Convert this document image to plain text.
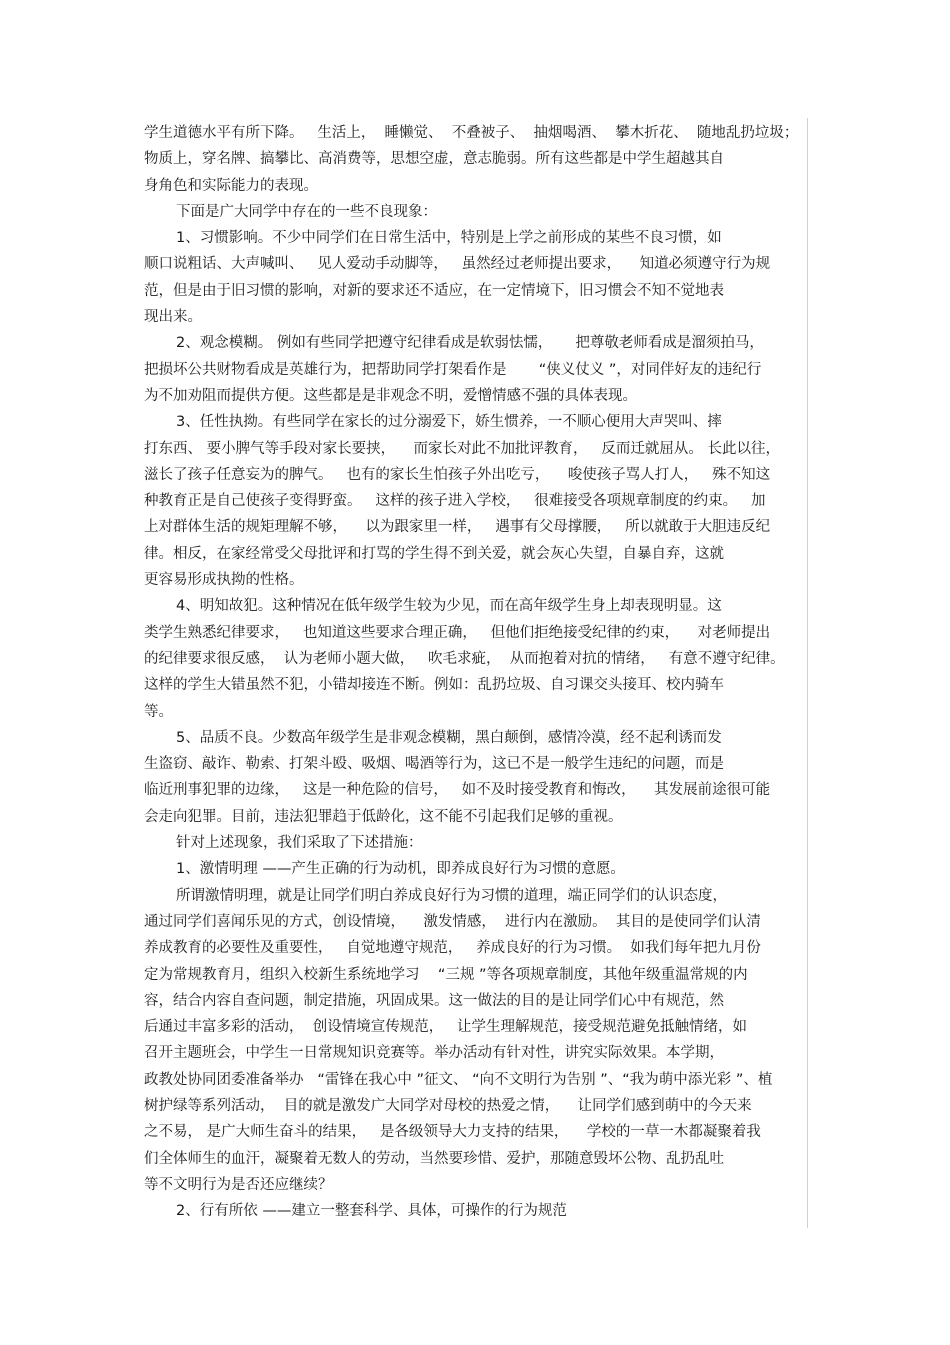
学生道德水平有所下降。   生活上，  睡懒觉、  不叠被子、  抽烟喝酒、  攀木折花、  随地乱扔垃圾；
物质上，穿名牌、搞攀比、高消费等，思想空虚，意志脆弱。所有这些都是中学生超越其自
身角色和实际能力的表现。
下面是广大同学中存在的一些不良现象：
1、习惯影响。不少中同学们在日常生活中，特别是上学之前形成的某些不良习惯，如
顺口说粗话、大声喊叫、   见人爱动手动脚等，   虽然经过老师提出要求，    知道必须遵守行为规
范，但是由于旧习惯的影响，对新的要求还不适应，在一定情境下，旧习惯会不知不觉地表
现出来。
2、观念模糊。 例如有些同学把遵守纪律看成是软弱怯懦，     把尊敬老师看成是溜须拍马，
把损坏公共财物看成是英雄行为，把帮助同学打架看作是       “侠义仗义 ”，对同伴好友的违纪行
为不加劝阻而提供方便。这些都是是非观念不明，爱憎情感不强的具体表现。
3、任性执拗。有些同学在家长的过分溺爱下，娇生惯养，一不顺心便用大声哭叫、摔
打东西、 要小脾气等手段对家长要挟，    而家长对此不加批评教育，   反而迁就屈从。 长此以往，
滋长了孩子任意妄为的脾气。   也有的家长生怕孩子外出吃亏，    唆使孩子骂人打人，   殊不知这
种教育正是自己使孩子变得野蛮。   这样的孩子进入学校，   很难接受各项规章制度的约束。   加
上对群体生活的规矩理解不够，    以为跟家里一样，   遇事有父母撑腰，   所以就敢于大胆违反纪
律。相反，在家经常受父母批评和打骂的学生得不到关爱，就会灰心失望，自暴自弃，这就
更容易形成执拗的性格。
4、明知故犯。这种情况在低年级学生较为少见，而在高年级学生身上却表现明显。这
类学生熟悉纪律要求，   也知道这些要求合理正确，   但他们拒绝接受纪律的约束，    对老师提出
的纪律要求很反感，  认为老师小题大做，   吹毛求疵，  从而抱着对抗的情绪，   有意不遵守纪律。
这样的学生大错虽然不犯，小错却接连不断。例如：乱扔垃圾、自习课交头接耳、校内骑车
等。
5、品质不良。少数高年级学生是非观念模糊，黑白颠倒，感情冷漠，经不起利诱而发
生盗窃、敲诈、勒索、打架斗殴、吸烟、喝酒等行为，这已不是一般学生违纪的问题，而是
临近刑事犯罪的边缘，   这是一种危险的信号，   如不及时接受教育和悔改，    其发展前途很可能
会走向犯罪。目前，违法犯罪趋于低龄化，这不能不引起我们足够的重视。
针对上述现象，我们采取了下述措施：
1、激情明理 ——产生正确的行为动机，即养成良好行为习惯的意愿。
所谓激情明理，就是让同学们明白养成良好行为习惯的道理，端正同学们的认识态度，
通过同学们喜闻乐见的方式，创设情境，    激发情感，  进行内在激励。  其目的是使同学们认清
养成教育的必要性及重要性，   自觉地遵守规范，   养成良好的行为习惯。  如我们每年把九月份
定为常规教育月，组织入校新生系统地学习    “三规 ”等各项规章制度，其他年级重温常规的内
容，结合内容自查问题，制定措施，巩固成果。这一做法的目的是让同学们心中有规范，然
后通过丰富多彩的活动，  创设情境宣传规范，   让学生理解规范，接受规范避免抵触情绪，如
召开主题班会，中学生一日常规知识竞赛等。举办活动有针对性，讲究实际效果。本学期，
政教处协同团委准备举办   “雷锋在我心中 ”征文、 “向不文明行为告别 ”、“我为萌中添光彩 ”、植
树护绿等系列活动，  目的就是激发广大同学对母校的热爱之情，    让同学们感到萌中的今天来
之不易， 是广大师生奋斗的结果，   是各级领导大力支持的结果，    学校的一草一木都凝聚着我
们全体师生的血汗，凝聚着无数人的劳动，当然要珍惜、爱护，那随意毁坏公物、乱扔乱吐
等不文明行为是否还应继续？
2、行有所依 ——建立一整套科学、具体，可操作的行为规范
